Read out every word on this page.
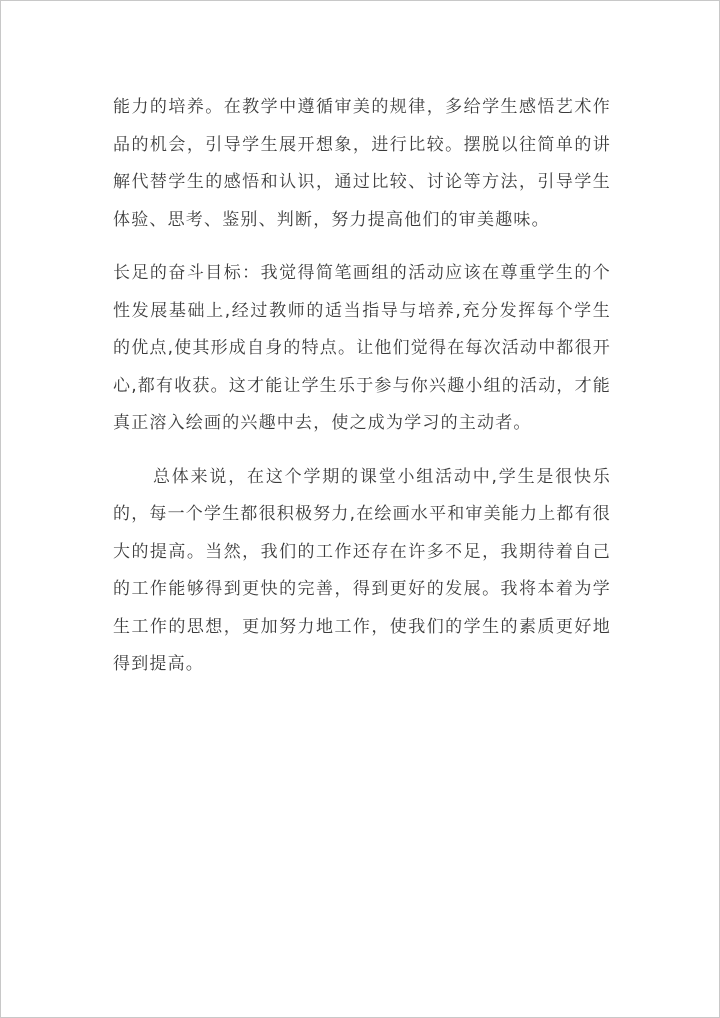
能力的培养。在教学中遵循审美的规律，多给学生感悟艺术作品的机会，引导学生展开想象，进行比较。摆脱以往简单的讲解代替学生的感悟和认识，通过比较、讨论等方法，引导学生体验、思考、鉴别、判断，努力提高他们的审美趣味。

长足的奋斗目标：我觉得简笔画组的活动应该在尊重学生的个性发展基础上,经过教师的适当指导与培养,充分发挥每个学生的优点,使其形成自身的特点。让他们觉得在每次活动中都很开心,都有收获。这才能让学生乐于参与你兴趣小组的活动，才能真正溶入绘画的兴趣中去，使之成为学习的主动者。

总体来说，在这个学期的课堂小组活动中,学生是很快乐的，每一个学生都很积极努力,在绘画水平和审美能力上都有很大的提高。当然，我们的工作还存在许多不足，我期待着自己的工作能够得到更快的完善，得到更好的发展。我将本着为学生工作的思想，更加努力地工作，使我们的学生的素质更好地得到提高。
